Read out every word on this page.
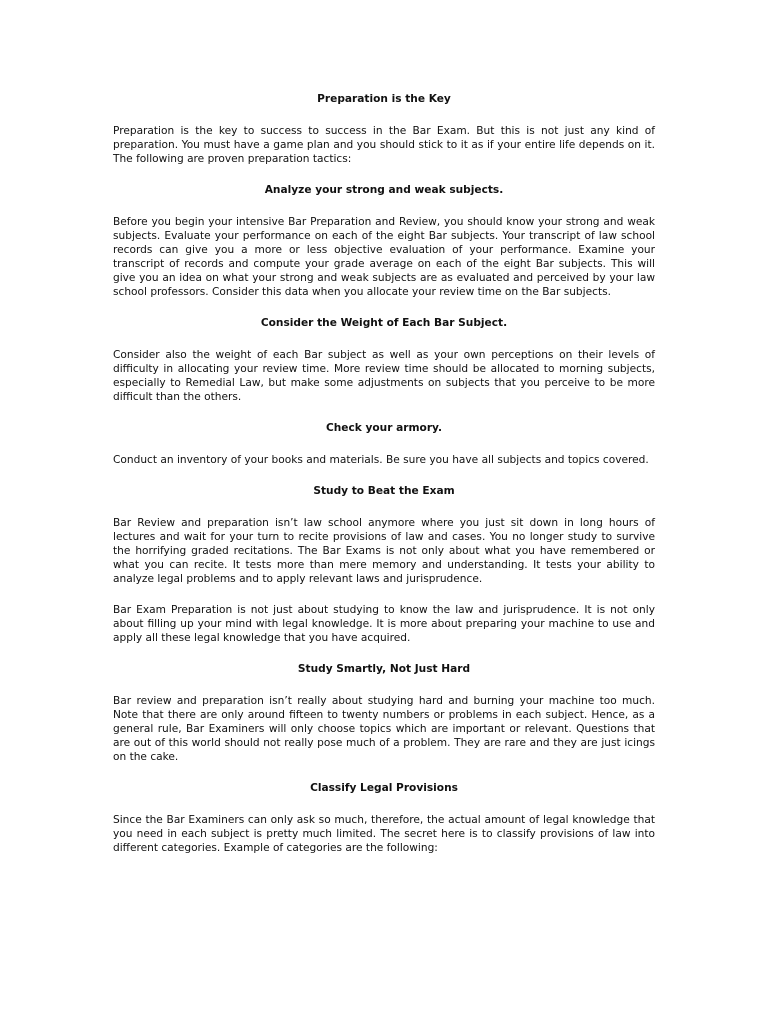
Preparation is the Key

Preparation is the key to success to success in the Bar Exam. But this is not just any kind of preparation. You must have a game plan and you should stick to it as if your entire life depends on it. The following are proven preparation tactics:

Analyze your strong and weak subjects.

Before you begin your intensive Bar Preparation and Review, you should know your strong and weak subjects. Evaluate your performance on each of the eight Bar subjects. Your transcript of law school records can give you a more or less objective evaluation of your performance. Examine your transcript of records and compute your grade average on each of the eight Bar subjects. This will give you an idea on what your strong and weak subjects are as evaluated and perceived by your law school professors. Consider this data when you allocate your review time on the Bar subjects.

Consider the Weight of Each Bar Subject.

Consider also the weight of each Bar subject as well as your own perceptions on their levels of difficulty in allocating your review time. More review time should be allocated to morning subjects, especially to Remedial Law, but make some adjustments on subjects that you perceive to be more difficult than the others.

Check your armory.

Conduct an inventory of your books and materials. Be sure you have all subjects and topics covered.

Study to Beat the Exam

Bar Review and preparation isn’t law school anymore where you just sit down in long hours of lectures and wait for your turn to recite provisions of law and cases. You no longer study to survive the horrifying graded recitations. The Bar Exams is not only about what you have remembered or what you can recite. It tests more than mere memory and understanding. It tests your ability to analyze legal problems and to apply relevant laws and jurisprudence.

Bar Exam Preparation is not just about studying to know the law and jurisprudence. It is not only about filling up your mind with legal knowledge. It is more about preparing your machine to use and apply all these legal knowledge that you have acquired.

Study Smartly, Not Just Hard

Bar review and preparation isn’t really about studying hard and burning your machine too much. Note that there are only around fifteen to twenty numbers or problems in each subject. Hence, as a general rule, Bar Examiners will only choose topics which are important or relevant. Questions that are out of this world should not really pose much of a problem. They are rare and they are just icings on the cake.

Classify Legal Provisions

Since the Bar Examiners can only ask so much, therefore, the actual amount of legal knowledge that you need in each subject is pretty much limited. The secret here is to classify provisions of law into different categories. Example of categories are the following:
